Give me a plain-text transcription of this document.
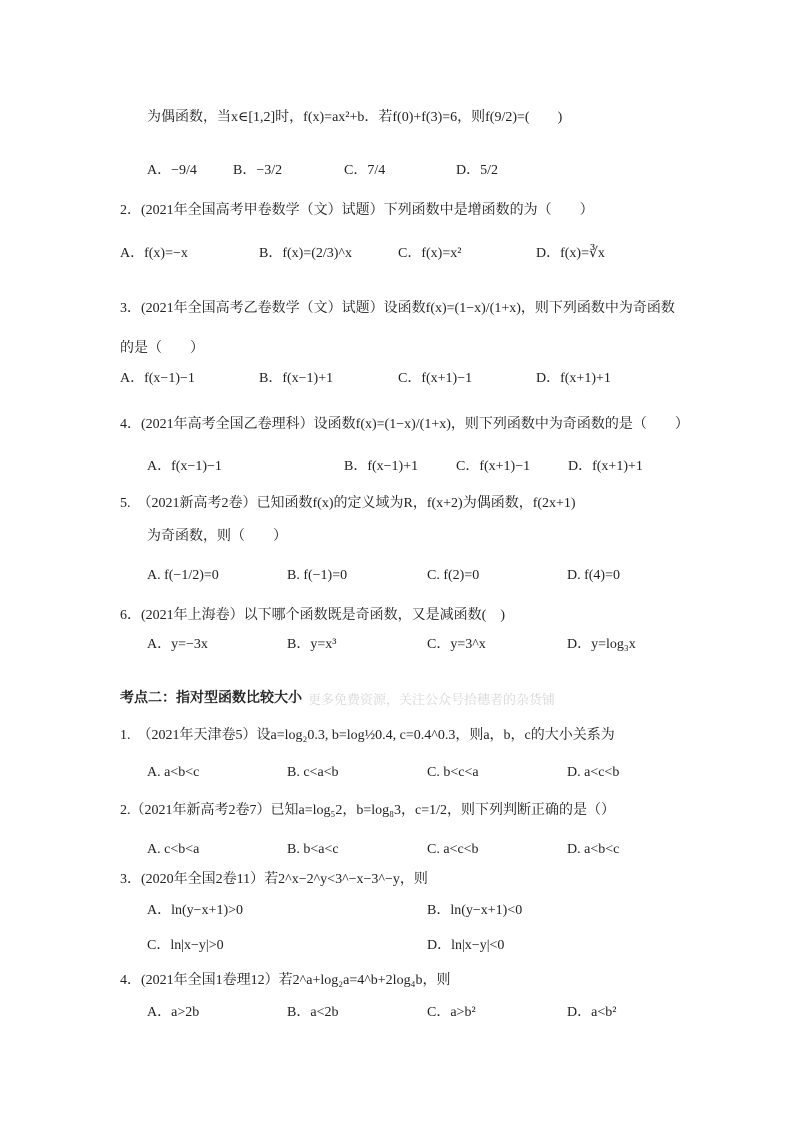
为偶函数，当x∈[1,2]时，f(x)=ax²+b．若f(0)+f(3)=6，则f(9/2)=(　　)
2．(2021年全国高考甲卷数学（文）试题）下列函数中是增函数的为（　　）
3．(2021年全国高考乙卷数学（文）试题）设函数f(x)=(1−x)/(1+x)，则下列函数中为奇函数
的是（　　）
4．(2021年高考全国乙卷理科）设函数f(x)=(1−x)/(1+x)，则下列函数中为奇函数的是（　　）
5.　（2021新高考2卷）已知函数f(x)的定义域为R，f(x+2)为偶函数，f(2x+1)
为奇函数，则（　　）
6．(2021年上海卷）以下哪个函数既是奇函数，又是减函数(　)
考点二：指对型函数比较大小 更多免费资源，关注公众号拾穗者的杂货铺
1.　（2021年天津卷5）设a=log₂0.3, b=log½0.4, c=0.4^0.3，则a，b，c的大小关系为
2.（2021年新高考2卷7）已知a=log₅2，b=log₈3，c=1/2，则下列判断正确的是（）
3．(2020年全国2卷11）若2^x−2^y<3^−x−3^−y，则
4．(2021年全国1卷理12）若2^a+log₂a=4^b+2log₄b，则
A．−9/4	B．−3/2	C．7/4	D．5/2
A．f(x)=−x	B．f(x)=(2/3)^x	C．f(x)=x²	D．f(x)=∛x
A．f(x−1)−1	B．f(x−1)+1	C．f(x+1)−1	D．f(x+1)+1
A．f(x−1)−1	B．f(x−1)+1	C．f(x+1)−1	D．f(x+1)+1
A. f(−1/2)=0	B. f(−1)=0	C. f(2)=0	D. f(4)=0
A．y=−3x	B．y=x³	C．y=3^x	D．y=log₃x
A. a<b<c	B. c<a<b	C. b<c<a	D. a<c<b
A. c<b<a	B. b<a<c	C. a<c<b	D. a<b<c
A．ln(y−x+1)>0	B．ln(y−x+1)<0
C．ln|x−y|>0	D．ln|x−y|<0
A．a>2b	B．a<2b	C．a>b²	D．a<b²
